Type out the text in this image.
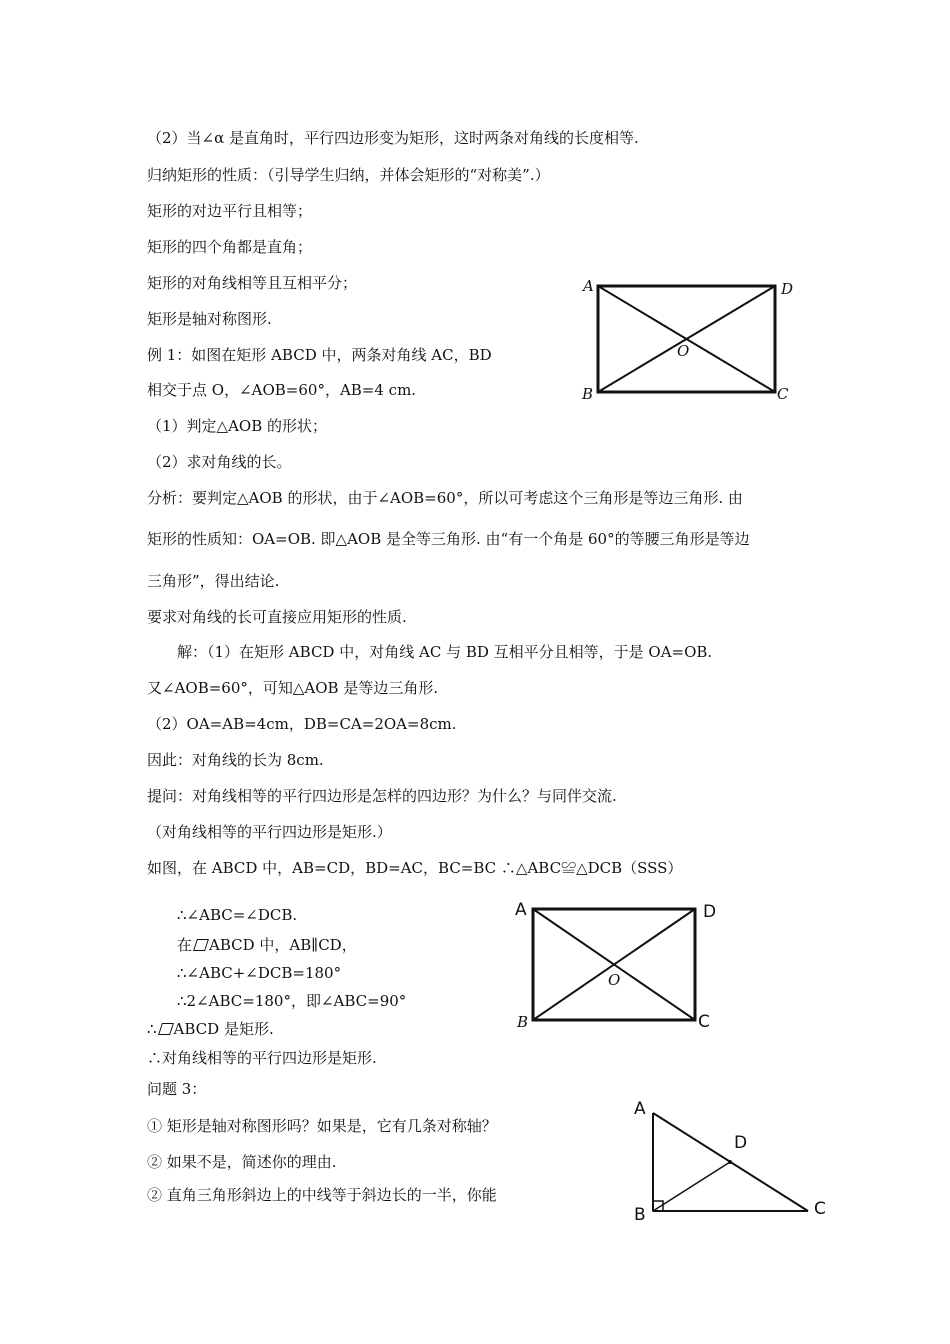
（2）当∠α 是直角时，平行四边形变为矩形，这时两条对角线的长度相等.
归纳矩形的性质：（引导学生归纳，并体会矩形的“对称美”.）
矩形的对边平行且相等；
矩形的四个角都是直角；
矩形的对角线相等且互相平分；
矩形是轴对称图形.
例 1：如图在矩形 ABCD 中，两条对角线 AC，BD
相交于点 O，∠AOB=60°，AB=4 cm.
（1）判定△AOB 的形状；
（2）求对角线的长。
分析：要判定△AOB 的形状，由于∠AOB=60°，所以可考虑这个三角形是等边三角形. 由
矩形的性质知：OA=OB. 即△AOB 是全等三角形. 由“有一个角是 60°的等腰三角形是等边
三角形”，得出结论.
要求对角线的长可直接应用矩形的性质.
解：（1）在矩形 ABCD 中，对角线 AC 与 BD 互相平分且相等，于是 OA=OB.
又∠AOB=60°，可知△AOB 是等边三角形.
（2）OA=AB=4cm，DB=CA=2OA=8cm.
因此：对角线的长为 8cm.
提问：对角线相等的平行四边形是怎样的四边形？为什么？与同伴交流.
（对角线相等的平行四边形是矩形.）
如图，在 ABCD 中，AB=CD，BD=AC，BC=BC ∴△ABC≌△DCB（SSS）
∴∠ABC=∠DCB.
在 ABCD 中，AB∥CD，
∴∠ABC+∠DCB=180°
∴2∠ABC=180°，即∠ABC=90°
∴ ABCD 是矩形.
∴对角线相等的平行四边形是矩形.
问题 3：
① 矩形是轴对称图形吗？如果是，它有几条对称轴？
② 如果不是，简述你的理由.
② 直角三角形斜边上的中线等于斜边长的一半，你能
A	D
B	C
O
A	D
B	C
O
A
D
B	C
